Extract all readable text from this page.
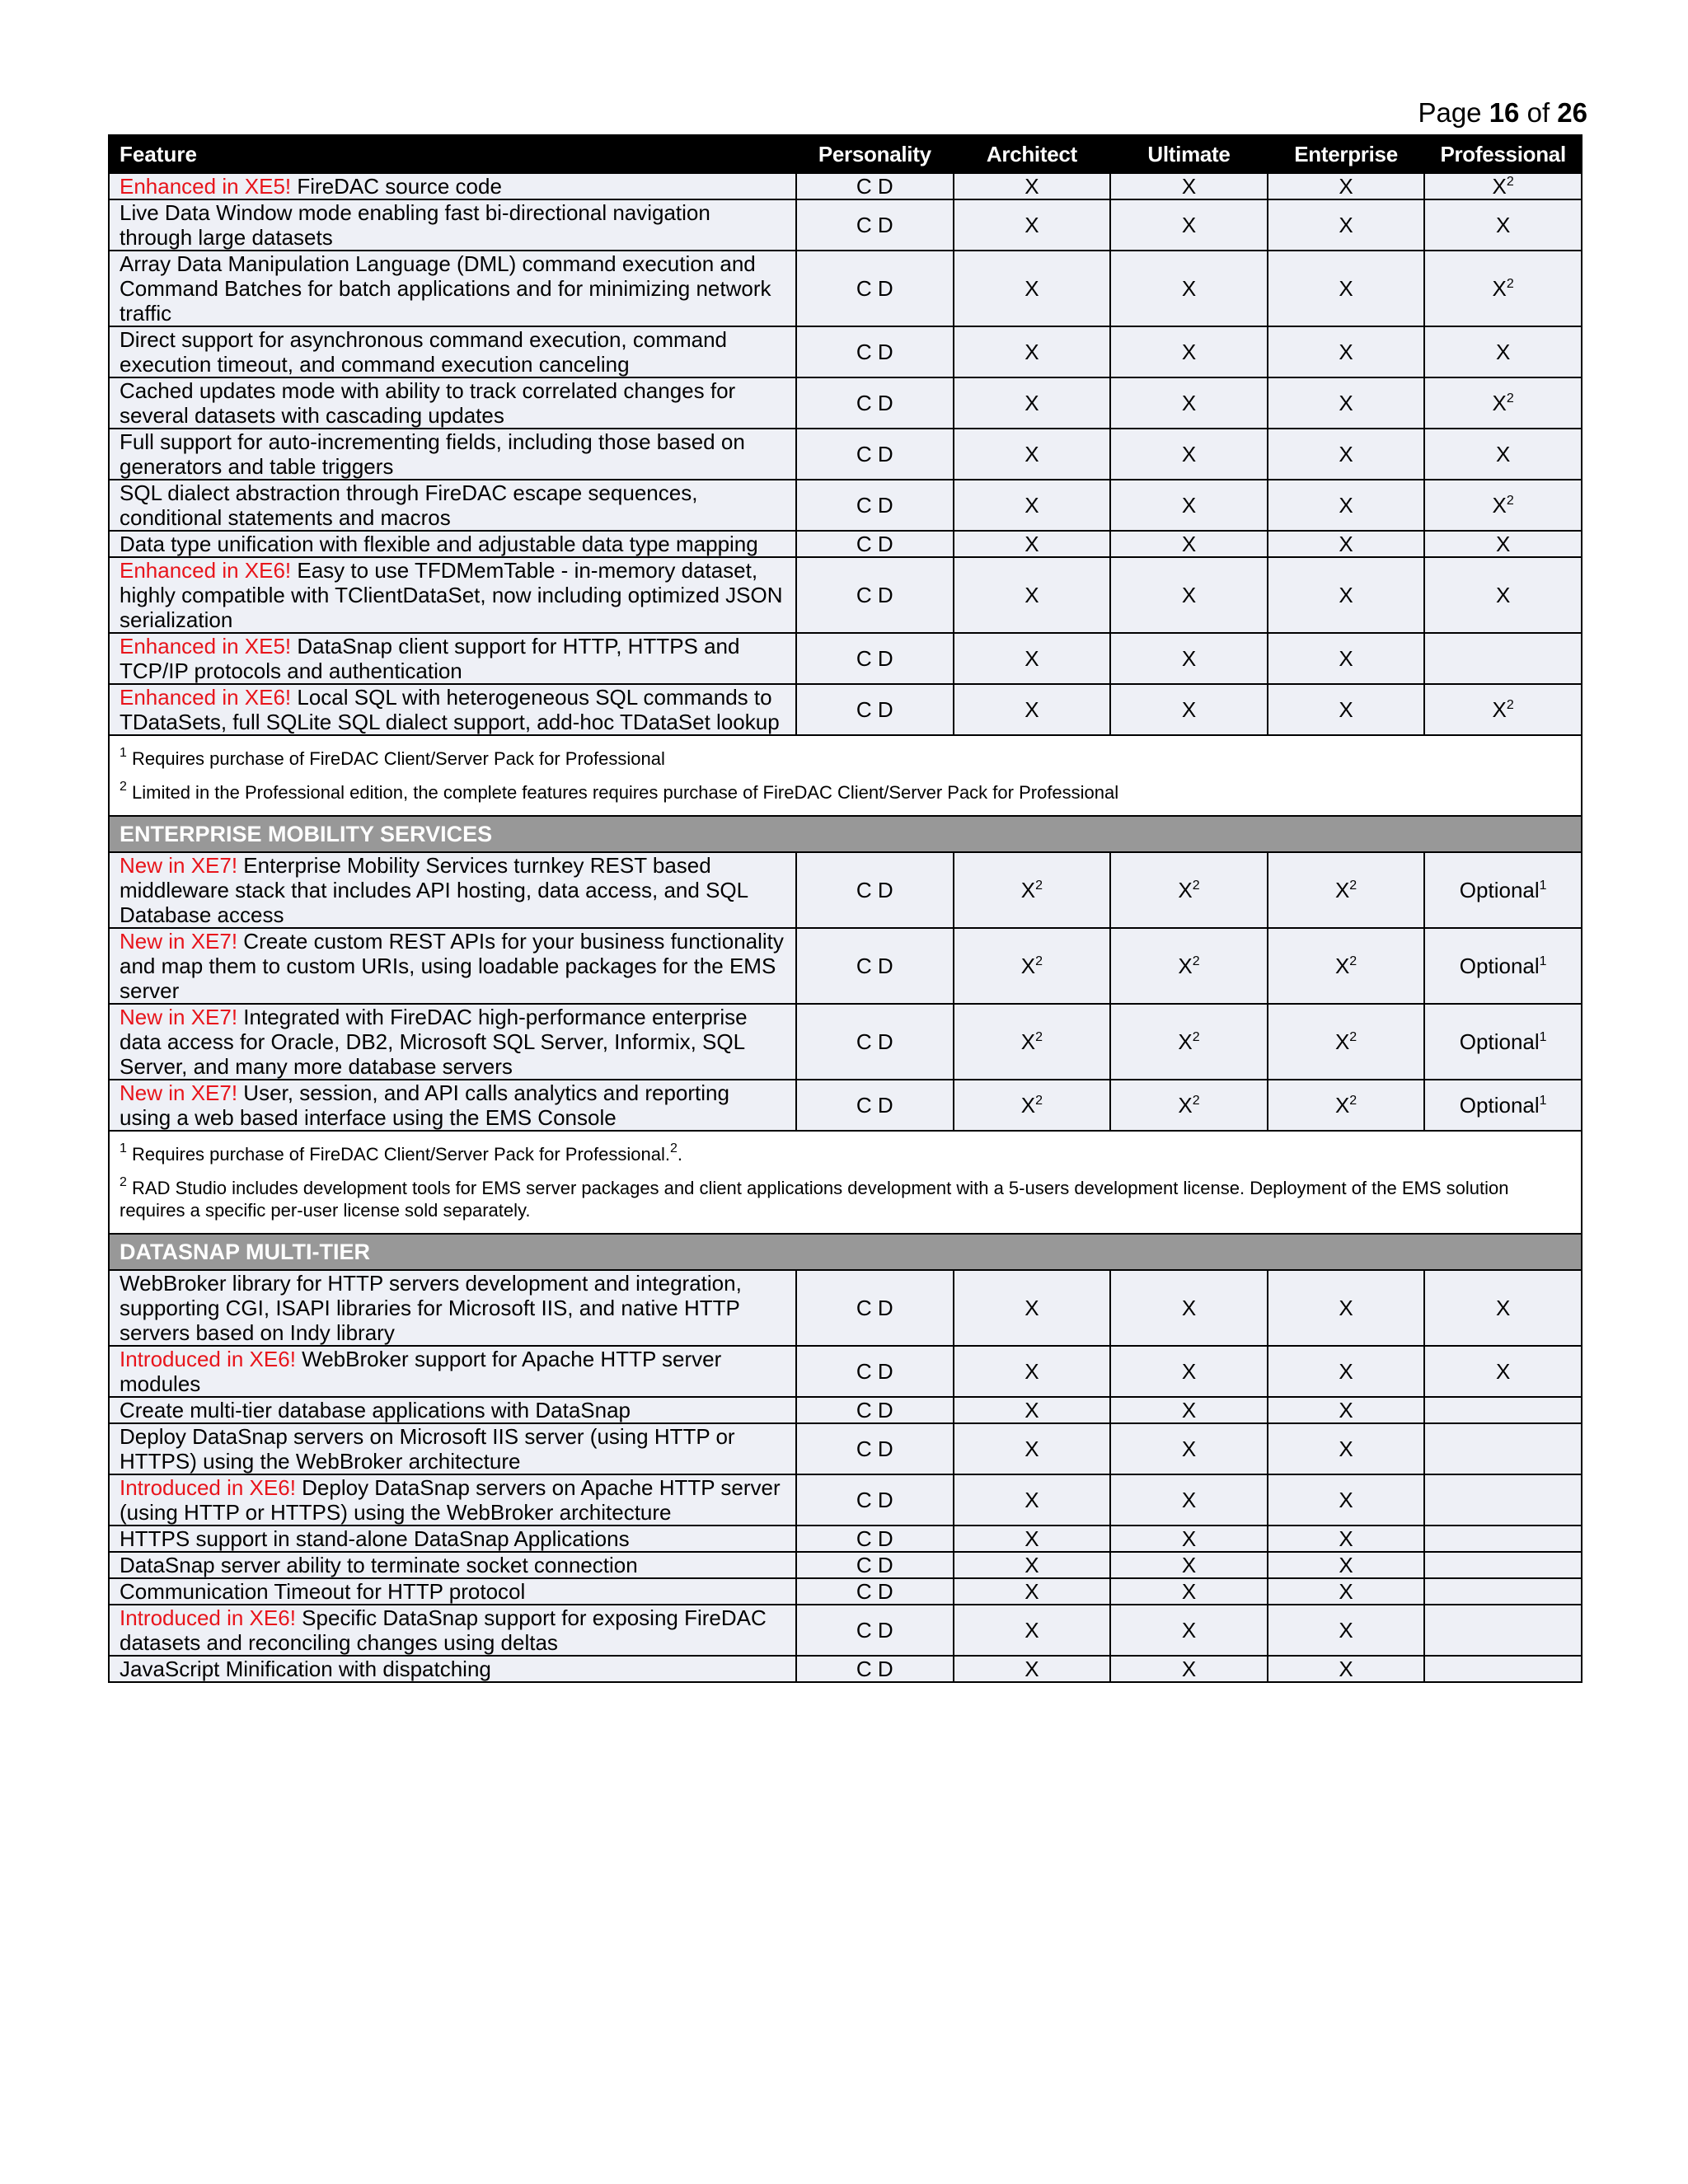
Page 16 of 26
Feature	Personality	Architect	Ultimate	Enterprise	Professional
Enhanced in XE5! FireDAC source code	C D	X	X	X	$X^2$
Live Data Window mode enabling fast bi-directional navigation through large datasets	C D	X	X	X	X
Array Data Manipulation Language (DML) command execution and Command Batches for batch applications and for minimizing network traffic	C D	X	X	X	$X^2$
Direct support for asynchronous command execution, command execution timeout, and command execution canceling	C D	X	X	X	X
Cached updates mode with ability to track correlated changes for several datasets with cascading updates	C D	X	X	X	$X^2$
Full support for auto-incrementing fields, including those based on generators and table triggers	C D	X	X	X	X
SQL dialect abstraction through FireDAC escape sequences, conditional statements and macros	C D	X	X	X	$X^2$
Data type unification with flexible and adjustable data type mapping	C D	X	X	X	X
Enhanced in XE6! Easy to use TFDMemTable - in-memory dataset, highly compatible with TClientDataSet, now including optimized JSON serialization	C D	X	X	X	X
Enhanced in XE5! DataSnap client support for HTTP, HTTPS and TCP/IP protocols and authentication	C D	X	X	X	
Enhanced in XE6! Local SQL with heterogeneous SQL commands to TDataSets, full SQLite SQL dialect support, add-hoc TDataSet lookup	C D	X	X	X	$X^2$

$^1$ Requires purchase of FireDAC Client/Server Pack for Professional
$^2$ Limited in the Professional edition, the complete features requires purchase of FireDAC Client/Server Pack for Professional					

ENTERPRISE MOBILITY SERVICES					
New in XE7! Enterprise Mobility Services turnkey REST based middleware stack that includes API hosting, data access, and SQL Database access	C D	$X^2$	$X^2$	$X^2$	Optional$^1$
New in XE7! Create custom REST APIs for your business functionality and map them to custom URIs, using loadable packages for the EMS server	C D	$X^2$	$X^2$	$X^2$	Optional$^1$
New in XE7! Integrated with FireDAC high-performance enterprise data access for Oracle, DB2, Microsoft SQL Server, Informix, SQL Server, and many more database servers	C D	$X^2$	$X^2$	$X^2$	Optional$^1$
New in XE7! User, session, and API calls analytics and reporting using a web based interface using the EMS Console	C D	$X^2$	$X^2$	$X^2$	Optional$^1$

$^1$ Requires purchase of FireDAC Client/Server Pack for Professional.$^2$.
$^2$ RAD Studio includes development tools for EMS server packages and client applications development with a 5-users development license. Deployment of the EMS solution requires a specific per-user license sold separately.					

DATASNAP MULTI-TIER					
WebBroker library for HTTP servers development and integration, supporting CGI, ISAPI libraries for Microsoft IIS, and native HTTP servers based on Indy library	C D	X	X	X	X
Introduced in XE6! WebBroker support for Apache HTTP server modules	C D	X	X	X	X
Create multi-tier database applications with DataSnap	C D	X	X	X	
Deploy DataSnap servers on Microsoft IIS server (using HTTP or HTTPS) using the WebBroker architecture	C D	X	X	X	
Introduced in XE6! Deploy DataSnap servers on Apache HTTP server (using HTTP or HTTPS) using the WebBroker architecture	C D	X	X	X	
HTTPS support in stand-alone DataSnap Applications	C D	X	X	X	
DataSnap server ability to terminate socket connection	C D	X	X	X	
Communication Timeout for HTTP protocol	C D	X	X	X	
Introduced in XE6! Specific DataSnap support for exposing FireDAC datasets and reconciling changes using deltas	C D	X	X	X	
JavaScript Minification with dispatching	C D	X	X	X	
